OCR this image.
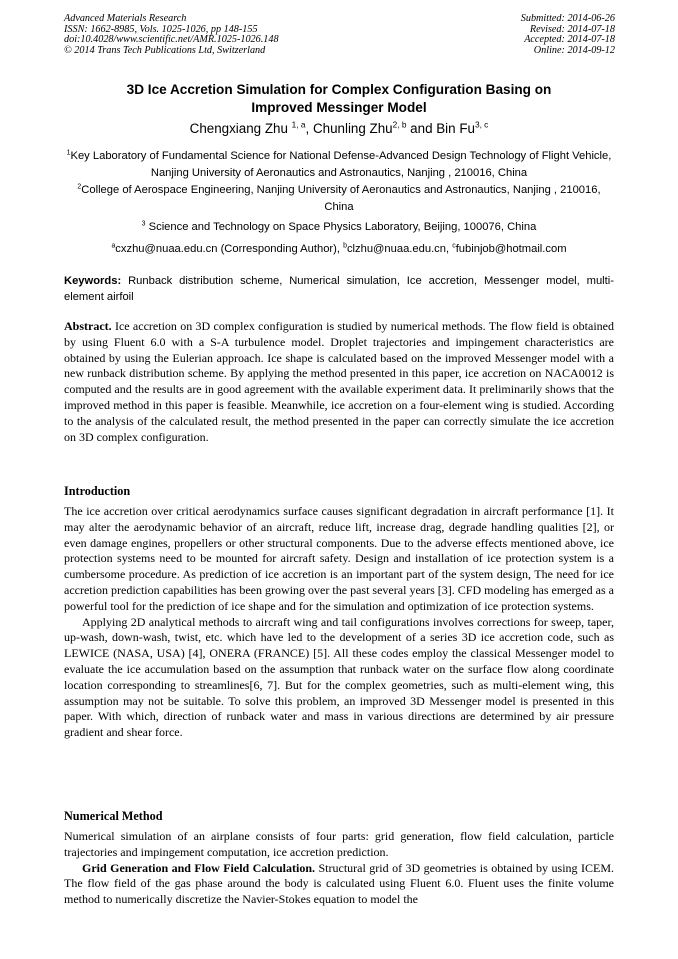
Advanced Materials Research
ISSN: 1662-8985, Vols. 1025-1026, pp 148-155
doi:10.4028/www.scientific.net/AMR.1025-1026.148
© 2014 Trans Tech Publications Ltd, Switzerland
Submitted: 2014-06-26
Revised: 2014-07-18
Accepted: 2014-07-18
Online: 2014-09-12
3D Ice Accretion Simulation for Complex Configuration Basing on
Improved Messinger Model
Chengxiang Zhu $^{1, a}$, Chunling Zhu$^{2, b}$ and Bin Fu$^{3, c}$
$^1$Key Laboratory of Fundamental Science for National Defense-Advanced Design Technology of Flight Vehicle, Nanjing University of Aeronautics and Astronautics, Nanjing , 210016, China
$^2$College of Aerospace Engineering, Nanjing University of Aeronautics and Astronautics, Nanjing , 210016, China
$^3$ Science and Technology on Space Physics Laboratory, Beijing, 100076, China
$^a$cxzhu@nuaa.edu.cn (Corresponding Author), $^b$clzhu@nuaa.edu.cn, $^c$fubinjob@hotmail.com
Keywords: Runback distribution scheme, Numerical simulation, Ice accretion, Messenger model, multi-element airfoil
Abstract. Ice accretion on 3D complex configuration is studied by numerical methods. The flow field is obtained by using Fluent 6.0 with a S-A turbulence model. Droplet trajectories and impingement characteristics are obtained by using the Eulerian approach. Ice shape is calculated based on the improved Messenger model with a new runback distribution scheme. By applying the method presented in this paper, ice accretion on NACA0012 is computed and the results are in good agreement with the available experiment data. It preliminarily shows that the improved method in this paper is feasible. Meanwhile, ice accretion on a four-element wing is studied. According to the analysis of the calculated result, the method presented in the paper can correctly simulate the ice accretion on 3D complex configuration.
Introduction

The ice accretion over critical aerodynamics surface causes significant degradation in aircraft performance [1]. It may alter the aerodynamic behavior of an aircraft, reduce lift, increase drag, degrade handling qualities [2], or even damage engines, propellers or other structural components. Due to the adverse effects mentioned above, ice protection systems need to be mounted for aircraft safety. Design and installation of ice protection system is a cumbersome procedure. As prediction of ice accretion is an important part of the system design, The need for ice accretion prediction capabilities has been growing over the past several years [3]. CFD modeling has emerged as a powerful tool for the prediction of ice shape and for the simulation and optimization of ice protection systems.

Applying 2D analytical methods to aircraft wing and tail configurations involves corrections for sweep, taper, up-wash, down-wash, twist, etc. which have led to the development of a series 3D ice accretion code, such as LEWICE (NASA, USA) [4], ONERA (FRANCE) [5]. All these codes employ the classical Messenger model to evaluate the ice accumulation based on the assumption that runback water on the surface flow along coordinate location corresponding to streamlines[6, 7]. But for the complex geometries, such as multi-element wing, this assumption may not be suitable. To solve this problem, an improved 3D Messenger model is presented in this paper. With which, direction of runback water and mass in various directions are determined by air pressure gradient and shear force.

Numerical Method

Numerical simulation of an airplane consists of four parts: grid generation, flow field calculation, particle trajectories and impingement computation, ice accretion prediction.

Grid Generation and Flow Field Calculation. Structural grid of 3D geometries is obtained by using ICEM. The flow field of the gas phase around the body is calculated using Fluent 6.0. Fluent uses the finite volume method to numerically discretize the Navier-Stokes equation to model the
